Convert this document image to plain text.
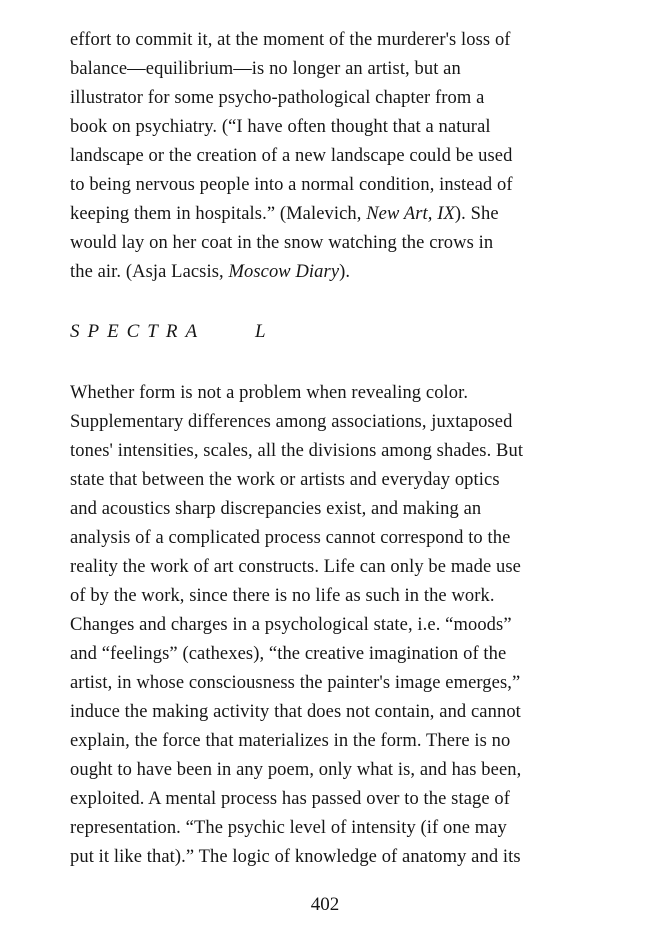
effort to commit it, at the moment of the murderer's loss of
balance—equilibrium—is no longer an artist, but an
illustrator for some psycho-pathological chapter from a
book on psychiatry. (“I have often thought that a natural
landscape or the creation of a new landscape could be used
to being nervous people into a normal condition, instead of
keeping them in hospitals.” (Malevich, New Art, IX). She
would lay on her coat in the snow watching the crows in
the air. (Asja Lacsis, Moscow Diary).
SPECTRA	L
Whether form is not a problem when revealing color.
Supplementary differences among associations, juxtaposed
tones' intensities, scales, all the divisions among shades. But
state that between the work or artists and everyday optics
and acoustics sharp discrepancies exist, and making an
analysis of a complicated process cannot correspond to the
reality the work of art constructs. Life can only be made use
of by the work, since there is no life as such in the work.
Changes and charges in a psychological state, i.e. “moods”
and “feelings” (cathexes), “the creative imagination of the
artist, in whose consciousness the painter's image emerges,”
induce the making activity that does not contain, and cannot
explain, the force that materializes in the form. There is no
ought to have been in any poem, only what is, and has been,
exploited. A mental process has passed over to the stage of
representation. “The psychic level of intensity (if one may
put it like that).” The logic of knowledge of anatomy and its
402
